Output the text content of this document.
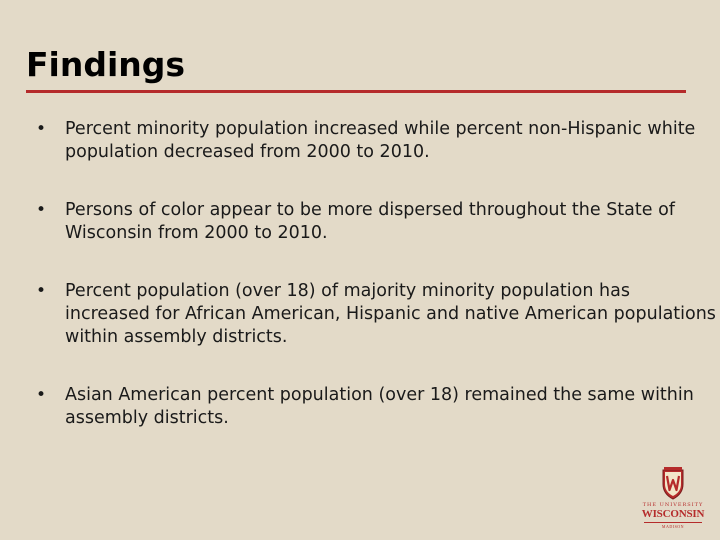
Findings
• Percent minority population increased while percent non-Hispanic white population decreased from 2000 to 2010.
• Persons of color appear to be more dispersed throughout the State of Wisconsin from 2000 to 2010.
• Percent population (over 18) of majority minority population has increased for African American, Hispanic and native American populations within assembly districts.
• Asian American percent population (over 18) remained the same within assembly districts.
THE UNIVERSITY
WISCONSIN
MADISON
